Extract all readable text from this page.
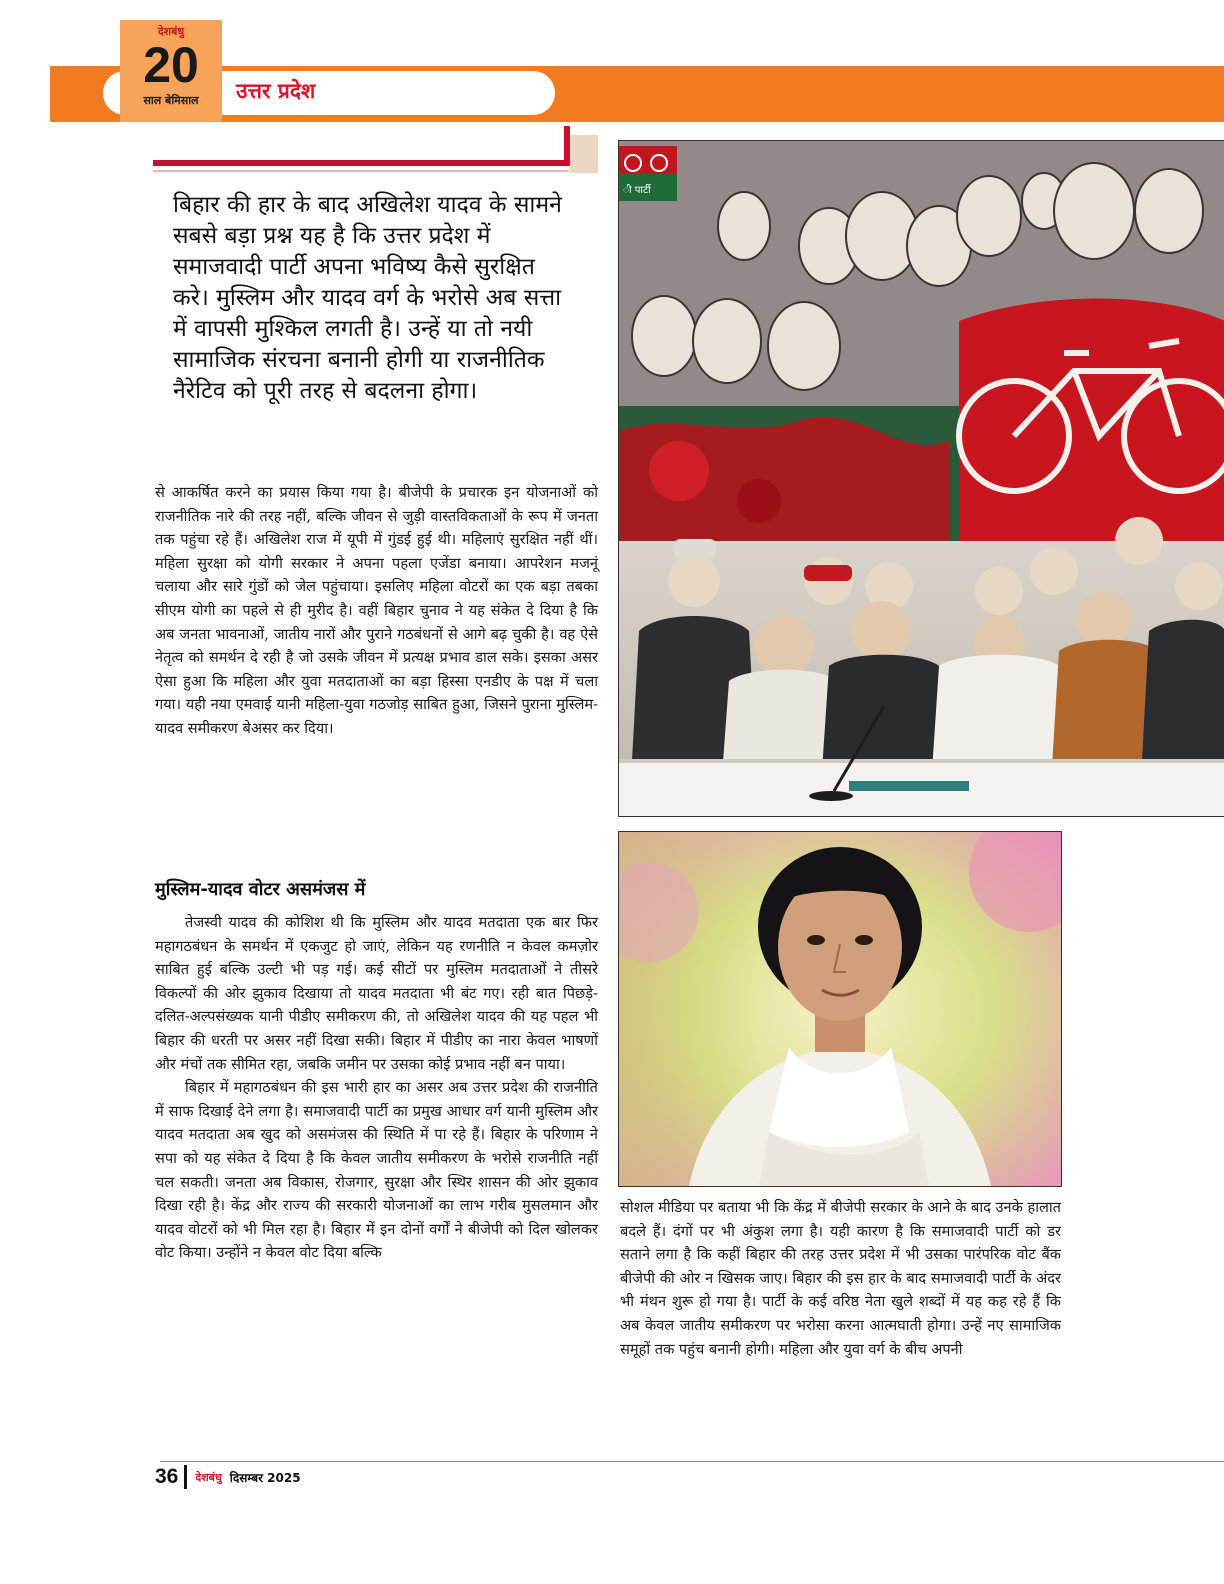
उत्तर प्रदेश
देशबंधु
20
साल बेमिसाल
बिहार की हार के बाद अखिलेश यादव के सामने सबसे बड़ा प्रश्न यह है कि उत्तर प्रदेश में समाजवादी पार्टी अपना भविष्य कैसे सुरक्षित करे। मुस्लिम और यादव वर्ग के भरोसे अब सत्ता में वापसी मुश्किल लगती है। उन्हें या तो नयी सामाजिक संरचना बनानी होगी या राजनीतिक नैरेटिव को पूरी तरह से बदलना होगा।

से आकर्षित करने का प्रयास किया गया है। बीजेपी के प्रचारक इन योजनाओं को राजनीतिक नारे की तरह नहीं, बल्कि जीवन से जुड़ी वास्तविकताओं के रूप में जनता तक पहुंचा रहे हैं। अखिलेश राज में यूपी में गुंडई हुई थी। महिलाएं सुरक्षित नहीं थीं। महिला सुरक्षा को योगी सरकार ने अपना पहला एजेंडा बनाया। आपरेशन मजनूं चलाया और सारे गुंडों को जेल पहुंचाया। इसलिए महिला वोटरों का एक बड़ा तबका सीएम योगी का पहले से ही मुरीद है। वहीं बिहार चुनाव ने यह संकेत दे दिया है कि अब जनता भावनाओं, जातीय नारों और पुराने गठबंधनों से आगे बढ़ चुकी है। वह ऐसे नेतृत्व को समर्थन दे रही है जो उसके जीवन में प्रत्यक्ष प्रभाव डाल सके। इसका असर ऐसा हुआ कि महिला और युवा मतदाताओं का बड़ा हिस्सा एनडीए के पक्ष में चला गया। यही नया एमवाई यानी महिला-युवा गठजोड़ साबित हुआ, जिसने पुराना मुस्लिम-यादव समीकरण बेअसर कर दिया।

मुस्लिम-यादव वोटर असमंजस में

तेजस्वी यादव की कोशिश थी कि मुस्लिम और यादव मतदाता एक बार फिर महागठबंधन के समर्थन में एकजुट हो जाएं, लेकिन यह रणनीति न केवल कमज़ोर साबित हुई बल्कि उल्टी भी पड़ गई। कई सीटों पर मुस्लिम मतदाताओं ने तीसरे विकल्पों की ओर झुकाव दिखाया तो यादव मतदाता भी बंट गए। रही बात पिछड़े-दलित-अल्पसंख्यक यानी पीडीए समीकरण की, तो अखिलेश यादव की यह पहल भी बिहार की धरती पर असर नहीं दिखा सकी। बिहार में पीडीए का नारा केवल भाषणों और मंचों तक सीमित रहा, जबकि जमीन पर उसका कोई प्रभाव नहीं बन पाया।

बिहार में महागठबंधन की इस भारी हार का असर अब उत्तर प्रदेश की राजनीति में साफ दिखाई देने लगा है। समाजवादी पार्टी का प्रमुख आधार वर्ग यानी मुस्लिम और यादव मतदाता अब खुद को असमंजस की स्थिति में पा रहे हैं। बिहार के परिणाम ने सपा को यह संकेत दे दिया है कि केवल जातीय समीकरण के भरोसे राजनीति नहीं चल सकती। जनता अब विकास, रोजगार, सुरक्षा और स्थिर शासन की ओर झुकाव दिखा रही है। केंद्र और राज्य की सरकारी योजनाओं का लाभ गरीब मुसलमान और यादव वोटरों को भी मिल रहा है। बिहार में इन दोनों वर्गों ने बीजेपी को दिल खोलकर वोट किया। उन्होंने न केवल वोट दिया बल्कि

ी पार्टी

सोशल मीडिया पर बताया भी कि केंद्र में बीजेपी सरकार के आने के बाद उनके हालात बदले हैं। दंगों पर भी अंकुश लगा है। यही कारण है कि समाजवादी पार्टी को डर सताने लगा है कि कहीं बिहार की तरह उत्तर प्रदेश में भी उसका पारंपरिक वोट बैंक बीजेपी की ओर न खिसक जाए। बिहार की इस हार के बाद समाजवादी पार्टी के अंदर भी मंथन शुरू हो गया है। पार्टी के कई वरिष्ठ नेता खुले शब्दों में यह कह रहे हैं कि अब केवल जातीय समीकरण पर भरोसा करना आत्मघाती होगा। उन्हें नए सामाजिक समूहों तक पहुंच बनानी होगी। महिला और युवा वर्ग के बीच अपनी

36 देशबंधु दिसम्बर 2025
